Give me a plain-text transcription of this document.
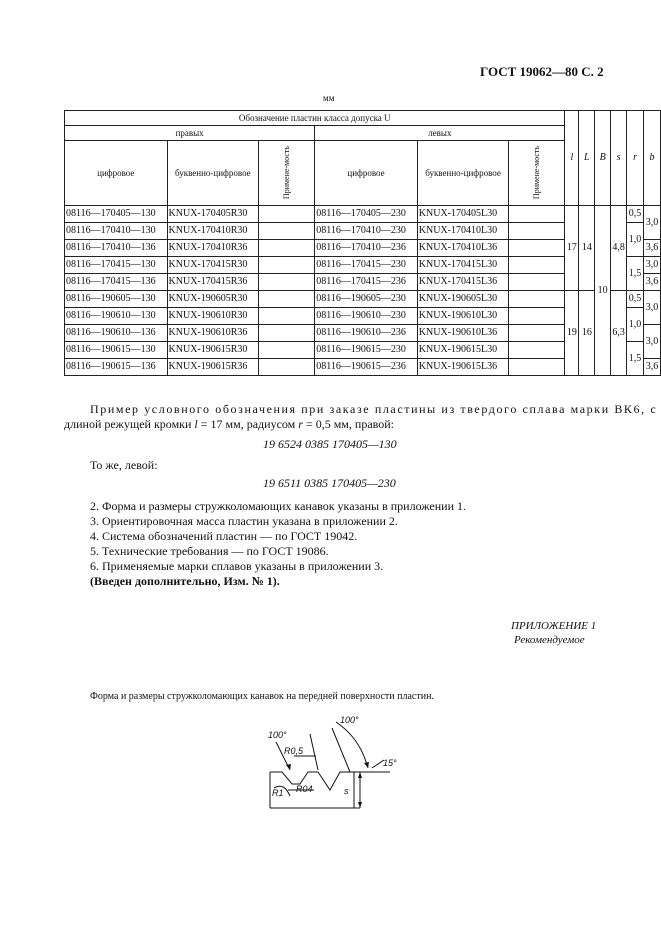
ГОСТ 19062—80 С. 2
мм
Обозначение пластин класса допуска U						l	L	B	s	r	b
правых			левых								
цифровое	буквенно-цифровое	Примене-мость	цифровое	буквенно-цифровое	Примене-мость						
08116—170405—130	KNUX-170405R30		08116—170405—230	KNUX-170405L30		17	14	10	4,8	0,5	3,0
08116—170410—130	KNUX-170410R30		08116—170410—230	KNUX-170410L30						1,0	
08116—170410—136	KNUX-170410R36		08116—170410—236	KNUX-170410L36							3,6
08116—170415—130	KNUX-170415R30		08116—170415—230	KNUX-170415L30						1,5	3,0
08116—170415—136	KNUX-170415R36		08116—170415—236	KNUX-170415L36							3,6
08116—190605—130	KNUX-190605R30		08116—190605—230	KNUX-190605L30		19	16		6,3	0,5	3,0
08116—190610—130	KNUX-190610R30		08116—190610—230	KNUX-190610L30						1,0	
08116—190610—136	KNUX-190610R36		08116—190610—236	KNUX-190610L36							3,0
08116—190615—130	KNUX-190615R30		08116—190615—230	KNUX-190615L30						1,5	
08116—190615—136	KNUX-190615R36		08116—190615—236	KNUX-190615L36							3,6
Пример условного обозначения при заказе пластины из твердого сплава марки ВК6, с
длиной режущей кромки l = 17 мм, радиусом r = 0,5 мм, правой:
19 6524 0385 170405—130
То же, левой:
19 6511 0385 170405—230
2. Форма и размеры стружколомающих канавок указаны в приложении 1.
3. Ориентировочная масса пластин указана в приложении 2.
4. Система обозначений пластин — по ГОСТ 19042.
5. Технические требования — по ГОСТ 19086.
6. Применяемые марки сплавов указаны в приложении 3.
(Введен дополнительно, Изм. № 1).
ПРИЛОЖЕНИЕ 1
Рекомендуемое
Форма и размеры стружколомающих канавок на передней поверхности пластин.
100°
100°
15°
R0,5
R1 R04	s
